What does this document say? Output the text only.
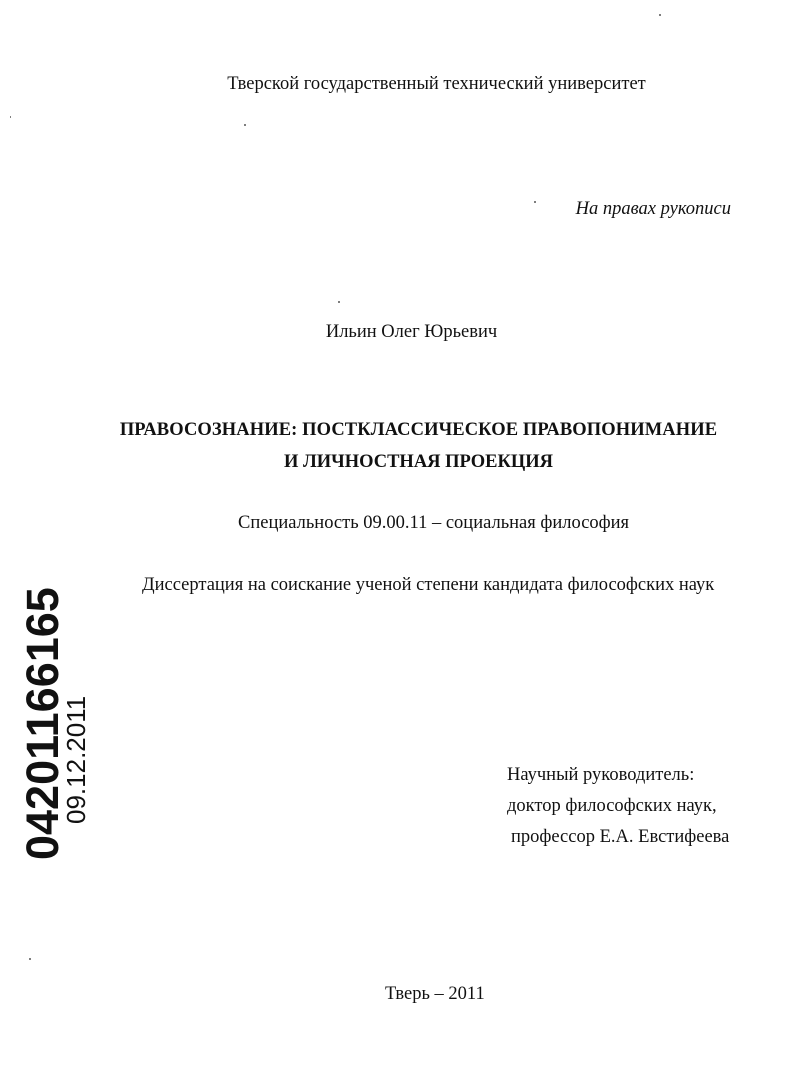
Тверской государственный технический университет
На правах рукописи
Ильин Олег Юрьевич
ПРАВОСОЗНАНИЕ: ПОСТКЛАССИЧЕСКОЕ ПРАВОПОНИМАНИЕ
И ЛИЧНОСТНАЯ ПРОЕКЦИЯ
Специальность 09.00.11 – социальная философия
Диссертация на соискание ученой степени кандидата философских наук
Научный руководитель:
доктор философских наук,
профессор Е.А. Евстифеева
Тверь – 2011
04201166165
09.12.2011
